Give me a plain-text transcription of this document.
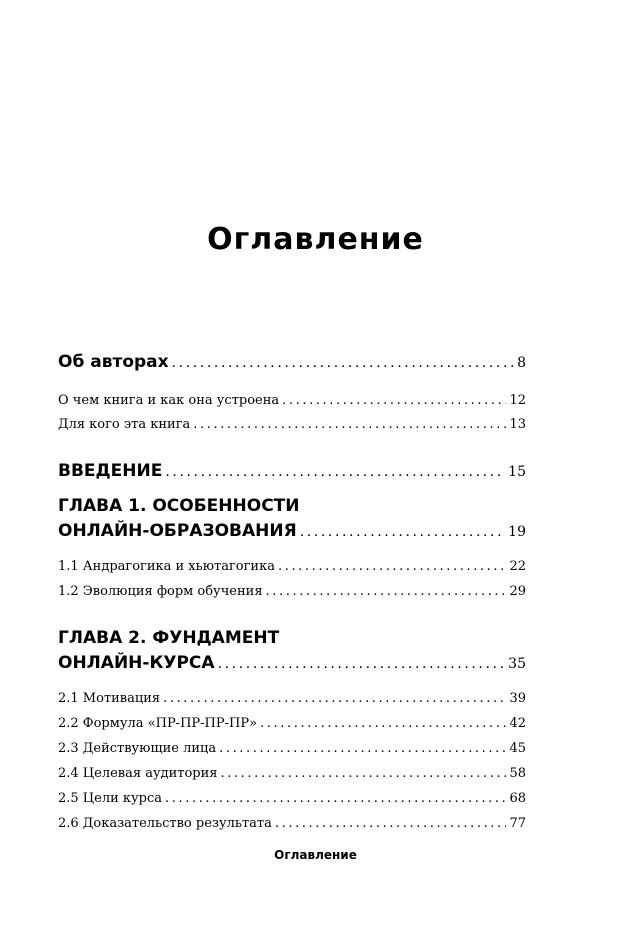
Оглавление
Об авторах .....	8
О чем книга и как она устроена .....	12
Для кого эта книга .....	13
ВВЕДЕНИЕ .....	15
ГЛАВА 1. ОСОБЕННОСТИ
ОНЛАЙН-ОБРАЗОВАНИЯ .....	19
1.1 Андрагогика и хьютагогика .....	22
1.2 Эволюция форм обучения .....	29
ГЛАВА 2. ФУНДАМЕНТ
ОНЛАЙН-КУРСА .....	35
2.1 Мотивация .....	39
2.2 Формула «ПР-ПР-ПР-ПР» .....	42
2.3 Действующие лица .....	45
2.4 Целевая аудитория .....	58
2.5 Цели курса .....	68
2.6 Доказательство результата .....	77
Оглавление
